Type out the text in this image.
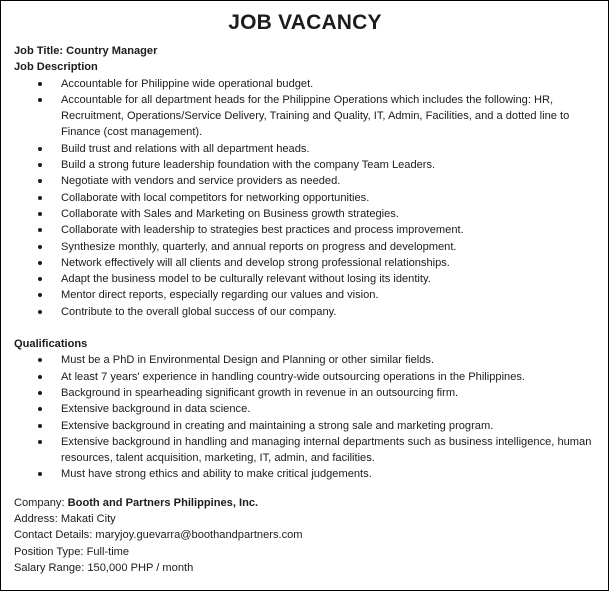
JOB VACANCY
Job Title: Country Manager
Job Description
Accountable for Philippine wide operational budget.
Accountable for all department heads for the Philippine Operations which includes the following: HR, Recruitment, Operations/Service Delivery, Training and Quality, IT, Admin, Facilities, and a dotted line to Finance (cost management).
Build trust and relations with all department heads.
Build a strong future leadership foundation with the company Team Leaders.
Negotiate with vendors and service providers as needed.
Collaborate with local competitors for networking opportunities.
Collaborate with Sales and Marketing on Business growth strategies.
Collaborate with leadership to strategies best practices and process improvement.
Synthesize monthly, quarterly, and annual reports on progress and development.
Network effectively will all clients and develop strong professional relationships.
Adapt the business model to be culturally relevant without losing its identity.
Mentor direct reports, especially regarding our values and vision.
Contribute to the overall global success of our company.
Qualifications
Must be a PhD in Environmental Design and Planning or other similar fields.
At least 7 years' experience in handling country-wide outsourcing operations in the Philippines.
Background in spearheading significant growth in revenue in an outsourcing firm.
Extensive background in data science.
Extensive background in creating and maintaining a strong sale and marketing program.
Extensive background in handling and managing internal departments such as business intelligence, human resources, talent acquisition, marketing, IT, admin, and facilities.
Must have strong ethics and ability to make critical judgements.
Company: Booth and Partners Philippines, Inc.
Address: Makati City
Contact Details: maryjoy.guevarra@boothandpartners.com
Position Type: Full-time
Salary Range: 150,000 PHP / month
